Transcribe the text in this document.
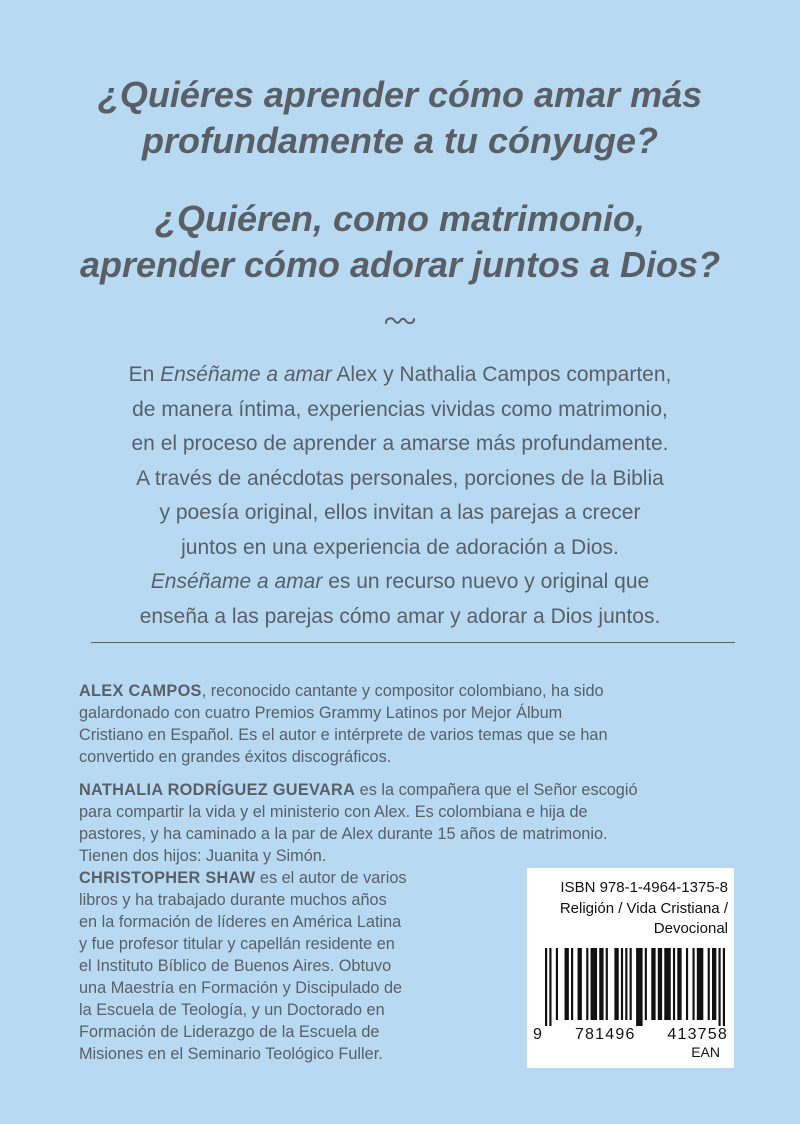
¿Quiéres aprender cómo amar más
profundamente a tu cónyuge?
¿Quiéren, como matrimonio,
aprender cómo adorar juntos a Dios?
En Enséñame a amar Alex y Nathalia Campos comparten,
de manera íntima, experiencias vividas como matrimonio,
en el proceso de aprender a amarse más profundamente.
A través de anécdotas personales, porciones de la Biblia
y poesía original, ellos invitan a las parejas a crecer
juntos en una experiencia de adoración a Dios.
Enséñame a amar es un recurso nuevo y original que
enseña a las parejas cómo amar y adorar a Dios juntos.
ALEX CAMPOS, reconocido cantante y compositor colombiano, ha sido
galardonado con cuatro Premios Grammy Latinos por Mejor Álbum
Cristiano en Español. Es el autor e intérprete de varios temas que se han
convertido en grandes éxitos discográficos.
NATHALIA RODRÍGUEZ GUEVARA es la compañera que el Señor escogió
para compartir la vida y el ministerio con Alex. Es colombiana e hija de
pastores, y ha caminado a la par de Alex durante 15 años de matrimonio.
Tienen dos hijos: Juanita y Simón.
CHRISTOPHER SHAW es el autor de varios
libros y ha trabajado durante muchos años
en la formación de líderes en América Latina
y fue profesor titular y capellán residente en
el Instituto Bíblico de Buenos Aires. Obtuvo
una Maestría en Formación y Discipulado de
la Escuela de Teología, y un Doctorado en
Formación de Liderazgo de la Escuela de
Misiones en el Seminario Teológico Fuller.
ISBN 978-1-4964-1375-8
Religión / Vida Cristiana /
Devocional
9 781496 413758
EAN
